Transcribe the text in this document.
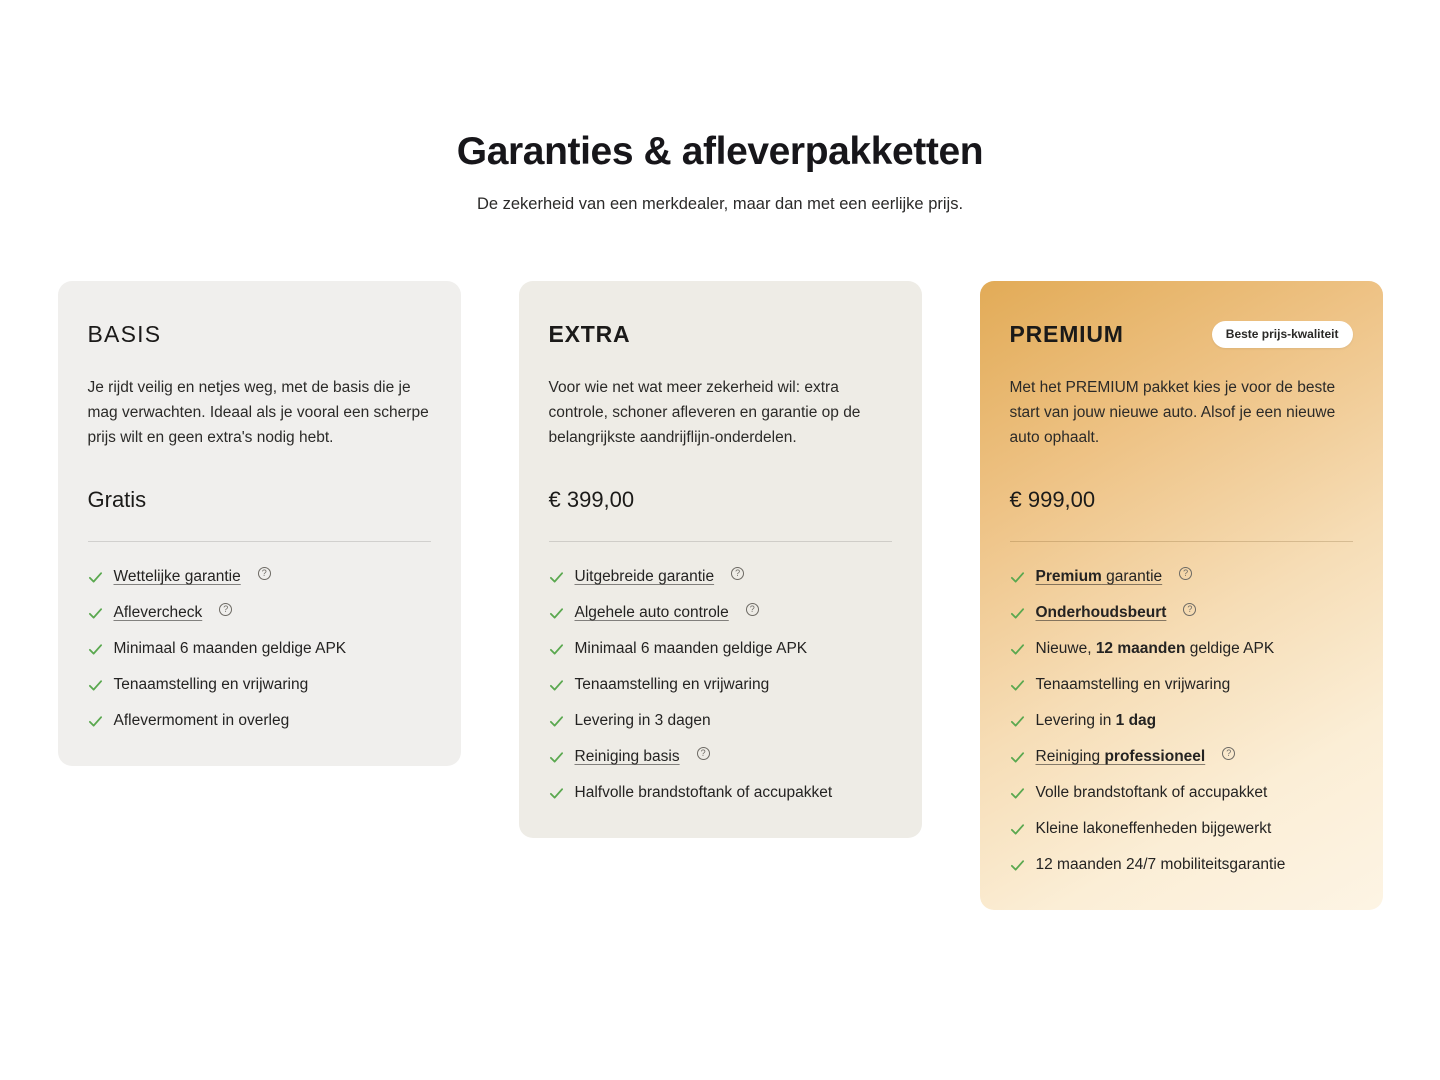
Garanties & afleverpakketten

De zekerheid van een merkdealer, maar dan met een eerlijke prijs.

BASIS
Je rijdt veilig en netjes weg, met de basis die je mag verwachten. Ideaal als je vooral een scherpe prijs wilt en geen extra's nodig hebt.
Gratis
Wettelijke garantie
?
Aflevercheck
?
Minimaal 6 maanden geldige APK
Tenaamstelling en vrijwaring
Aflevermoment in overleg
EXTRA
Voor wie net wat meer zekerheid wil: extra controle, schoner afleveren en garantie op de belangrijkste aandrijflijn-onderdelen.
€ 399,00
Uitgebreide garantie
?
Algehele auto controle
?
Minimaal 6 maanden geldige APK
Tenaamstelling en vrijwaring
Levering in 3 dagen
Reiniging basis
?
Halfvolle brandstoftank of accupakket
PREMIUM	Beste prijs-kwaliteit
Met het PREMIUM pakket kies je voor de beste start van jouw nieuwe auto. Alsof je een nieuwe auto ophaalt.
€ 999,00
Premium garantie
?
Onderhoudsbeurt
?
Nieuwe, 12 maanden geldige APK
Tenaamstelling en vrijwaring
Levering in 1 dag
Reiniging professioneel
?
Volle brandstoftank of accupakket
Kleine lakoneffenheden bijgewerkt
12 maanden 24/7 mobiliteitsgarantie
